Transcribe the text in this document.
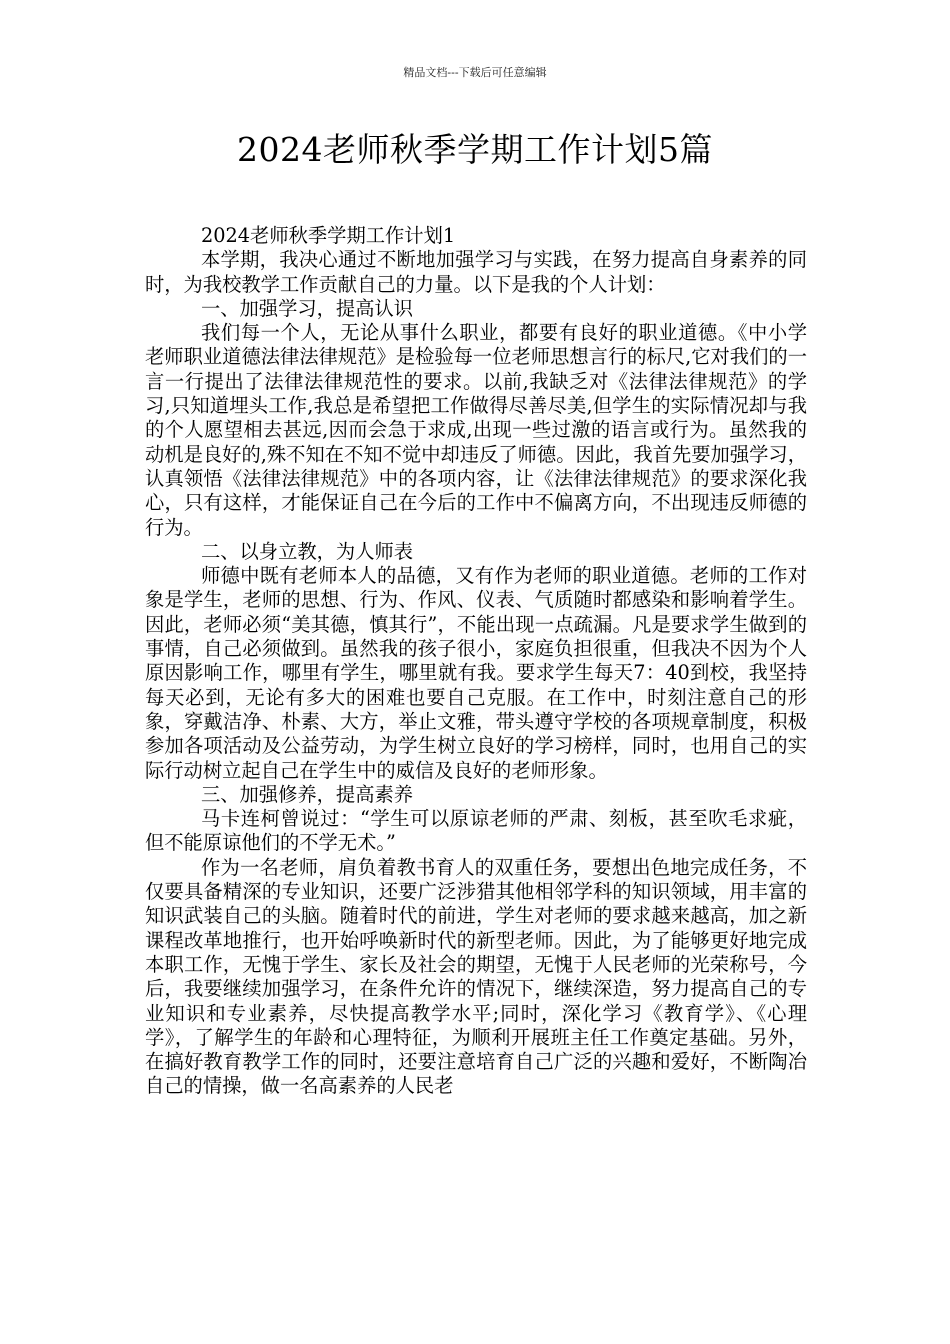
精品文档---下载后可任意编辑
2024老师秋季学期工作计划5篇

2024老师秋季学期工作计划1

本学期，我决心通过不断地加强学习与实践，在努力提高自身素养的同时，为我校教学工作贡献自己的力量。以下是我的个人计划：

一、加强学习，提高认识

我们每一个人，无论从事什么职业，都要有良好的职业道德。《中小学老师职业道德法律法律规范》是检验每一位老师思想言行的标尺,它对我们的一言一行提出了法律法律规范性的要求。以前,我缺乏对《法律法律规范》的学习,只知道埋头工作,我总是希望把工作做得尽善尽美,但学生的实际情况却与我的个人愿望相去甚远,因而会急于求成,出现一些过激的语言或行为。虽然我的动机是良好的,殊不知在不知不觉中却违反了师德。因此，我首先要加强学习，认真领悟《法律法律规范》中的各项内容，让《法律法律规范》的要求深化我心，只有这样，才能保证自己在今后的工作中不偏离方向，不出现违反师德的行为。

二、以身立教，为人师表

师德中既有老师本人的品德，又有作为老师的职业道德。老师的工作对象是学生，老师的思想、行为、作风、仪表、气质随时都感染和影响着学生。因此，老师必须“美其德，慎其行”，不能出现一点疏漏。凡是要求学生做到的事情，自己必须做到。虽然我的孩子很小，家庭负担很重，但我决不因为个人原因影响工作，哪里有学生，哪里就有我。要求学生每天7：40到校，我坚持每天必到，无论有多大的困难也要自己克服。在工作中，时刻注意自己的形象，穿戴洁净、朴素、大方，举止文雅，带头遵守学校的各项规章制度，积极参加各项活动及公益劳动，为学生树立良好的学习榜样，同时，也用自己的实际行动树立起自己在学生中的威信及良好的老师形象。

三、加强修养，提高素养

马卡连柯曾说过：“学生可以原谅老师的严肃、刻板，甚至吹毛求疵，但不能原谅他们的不学无术。”

作为一名老师，肩负着教书育人的双重任务，要想出色地完成任务，不仅要具备精深的专业知识，还要广泛涉猎其他相邻学科的知识领域，用丰富的知识武装自己的头脑。随着时代的前进，学生对老师的要求越来越高，加之新课程改革地推行，也开始呼唤新时代的新型老师。因此，为了能够更好地完成本职工作，无愧于学生、家长及社会的期望，无愧于人民老师的光荣称号，今后，我要继续加强学习，在条件允许的情况下，继续深造，努力提高自己的专业知识和专业素养，尽快提高教学水平;同时，深化学习《教育学》、《心理学》，了解学生的年龄和心理特征，为顺利开展班主任工作奠定基础。另外，在搞好教育教学工作的同时，还要注意培育自己广泛的兴趣和爱好，不断陶冶自己的情操，做一名高素养的人民老
